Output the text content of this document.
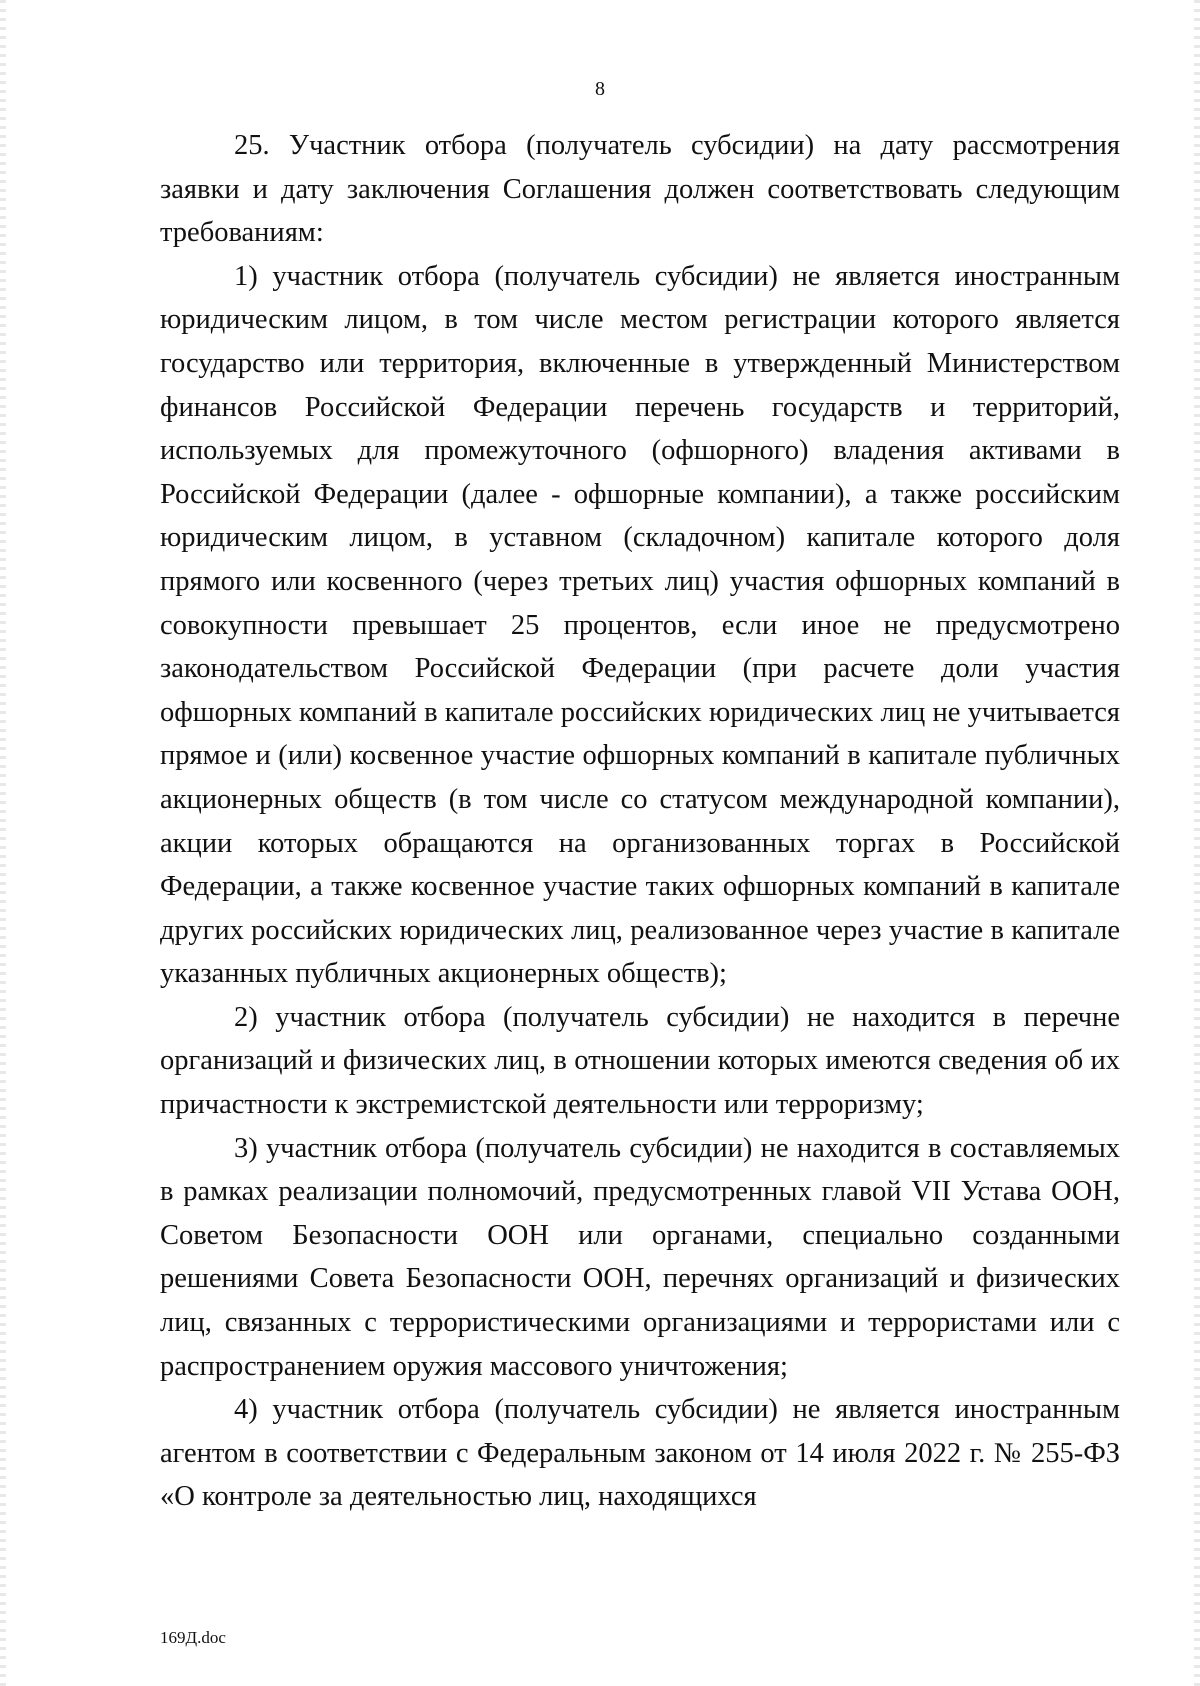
8

25. Участник отбора (получатель субсидии) на дату рассмотрения заявки и дату заключения Соглашения должен соответствовать следующим требованиям:

1) участник отбора (получатель субсидии) не является иностранным юридическим лицом, в том числе местом регистрации которого является государство или территория, включенные в утвержденный Министерством финансов Российской Федерации перечень государств и территорий, используемых для промежуточного (офшорного) владения активами в Российской Федерации (далее - офшорные компании), а также российским юридическим лицом, в уставном (складочном) капитале которого доля прямого или косвенного (через третьих лиц) участия офшорных компаний в совокупности превышает 25 процентов, если иное не предусмотрено законодательством Российской Федерации (при расчете доли участия офшорных компаний в капитале российских юридических лиц не учитывается прямое и (или) косвенное участие офшорных компаний в капитале публичных акционерных обществ (в том числе со статусом международной компании), акции которых обращаются на организованных торгах в Российской Федерации, а также косвенное участие таких офшорных компаний в капитале других российских юридических лиц, реализованное через участие в капитале указанных публичных акционерных обществ);

2) участник отбора (получатель субсидии) не находится в перечне организаций и физических лиц, в отношении которых имеются сведения об их причастности к экстремистской деятельности или терроризму;

3) участник отбора (получатель субсидии) не находится в составляемых в рамках реализации полномочий, предусмотренных главой VII Устава ООН, Советом Безопасности ООН или органами, специально созданными решениями Совета Безопасности ООН, перечнях организаций и физических лиц, связанных с террористическими организациями и террористами или с распространением оружия массового уничтожения;

4) участник отбора (получатель субсидии) не является иностранным агентом в соответствии с Федеральным законом от 14 июля 2022 г. № 255-ФЗ «О контроле за деятельностью лиц, находящихся

169Д.doc
